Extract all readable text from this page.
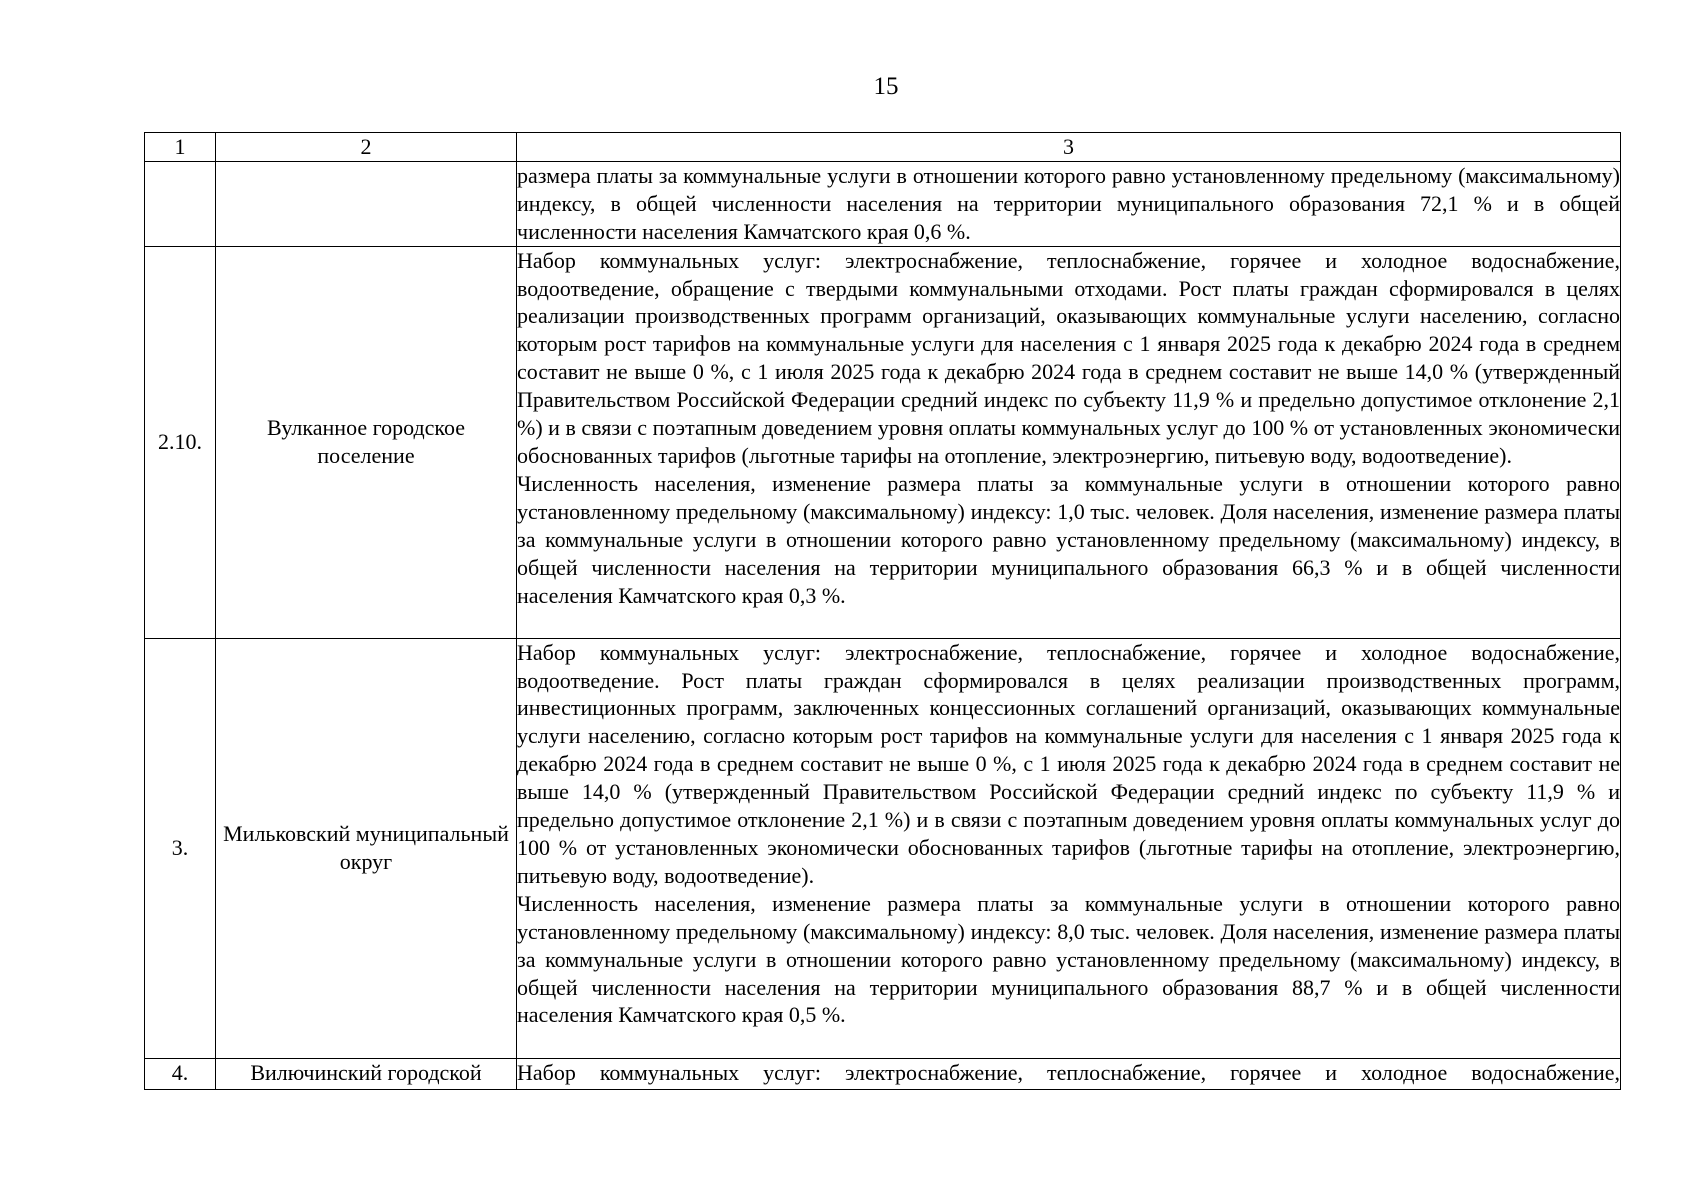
15
1	2	3

		размера платы за коммунальные услуги в отношении которого равно установленному предельному (максимальному) индексу, в общей численности населения на территории муниципального образования 72,1 % и в общей численности населения Камчатского края 0,6 %.

2.10.	Вулканное городское поселение	Набор коммунальных услуг: электроснабжение, теплоснабжение, горячее и холодное водоснабжение, водоотведение, обращение с твердыми коммунальными отходами. Рост платы граждан сформировался в целях реализации производственных программ организаций, оказывающих коммунальные услуги населению, согласно которым рост тарифов на коммунальные услуги для населения с 1 января 2025 года к декабрю 2024 года в среднем составит не выше 0 %, с 1 июля 2025 года к декабрю 2024 года в среднем составит не выше 14,0 % (утвержденный Правительством Российской Федерации средний индекс по субъекту 11,9 % и предельно допустимое отклонение 2,1 %) и в связи с поэтапным доведением уровня оплаты коммунальных услуг до 100 % от установленных экономически обоснованных тарифов (льготные тарифы на отопление, электроэнергию, питьевую воду, водоотведение).

Численность населения, изменение размера платы за коммунальные услуги в отношении которого равно установленному предельному (максимальному) индексу: 1,0 тыс. человек. Доля населения, изменение размера платы за коммунальные услуги в отношении которого равно установленному предельному (максимальному) индексу, в общей численности населения на территории муниципального образования 66,3 % и в общей численности населения Камчатского края 0,3 %.

3.	Мильковский муниципальный округ	Набор коммунальных услуг: электроснабжение, теплоснабжение, горячее и холодное водоснабжение, водоотведение. Рост платы граждан сформировался в целях реализации производственных программ, инвестиционных программ, заключенных концессионных соглашений организаций, оказывающих коммунальные услуги населению, согласно которым рост тарифов на коммунальные услуги для населения с 1 января 2025 года к декабрю 2024 года в среднем составит не выше 0 %, с 1 июля 2025 года к декабрю 2024 года в среднем составит не выше 14,0 % (утвержденный Правительством Российской Федерации средний индекс по субъекту 11,9 % и предельно допустимое отклонение 2,1 %) и в связи с поэтапным доведением уровня оплаты коммунальных услуг до 100 % от установленных экономически обоснованных тарифов (льготные тарифы на отопление, электроэнергию, питьевую воду, водоотведение).

Численность населения, изменение размера платы за коммунальные услуги в отношении которого равно установленному предельному (максимальному) индексу: 8,0 тыс. человек. Доля населения, изменение размера платы за коммунальные услуги в отношении которого равно установленному предельному (максимальному) индексу, в общей численности населения на территории муниципального образования 88,7 % и в общей численности населения Камчатского края 0,5 %.

4.	Вилючинский городской	Набор коммунальных услуг: электроснабжение, теплоснабжение, горячее и холодное водоснабжение,
